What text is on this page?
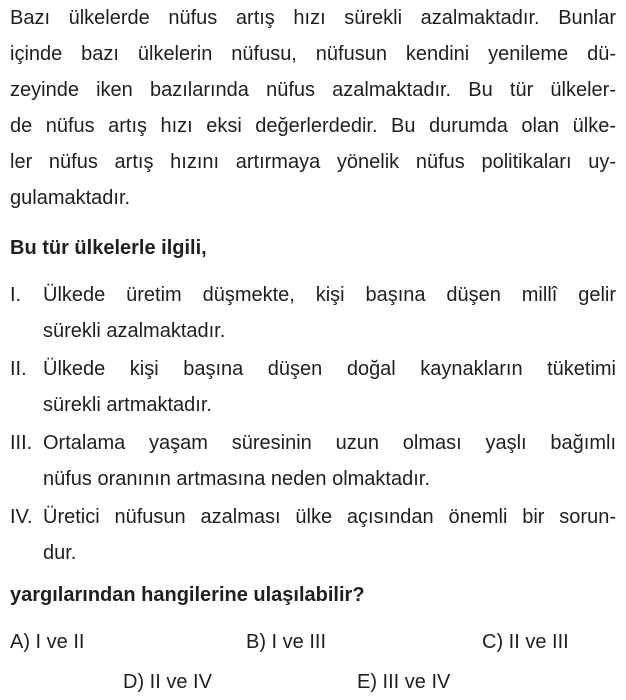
Bazı ülkelerde nüfus artış hızı sürekli azalmaktadır. Bunlar
içinde bazı ülkelerin nüfusu, nüfusun kendini yenileme dü-
zeyinde iken bazılarında nüfus azalmaktadır. Bu tür ülkeler-
de nüfus artış hızı eksi değerlerdedir. Bu durumda olan ülke-
ler nüfus artış hızını artırmaya yönelik nüfus politikaları uy-
gulamaktadır.
Bu tür ülkelerle ilgili,
I. Ülkede üretim düşmekte, kişi başına düşen millî gelir
sürekli azalmaktadır.
II. Ülkede kişi başına düşen doğal kaynakların tüketimi
sürekli artmaktadır.
III. Ortalama yaşam süresinin uzun olması yaşlı bağımlı
nüfus oranının artmasına neden olmaktadır.
IV. Üretici nüfusun azalması ülke açısından önemli bir sorun-
dur.
yargılarından hangilerine ulaşılabilir?
A) I ve II	B) I ve III	C) II ve III
D) II ve IV	E) III ve IV
